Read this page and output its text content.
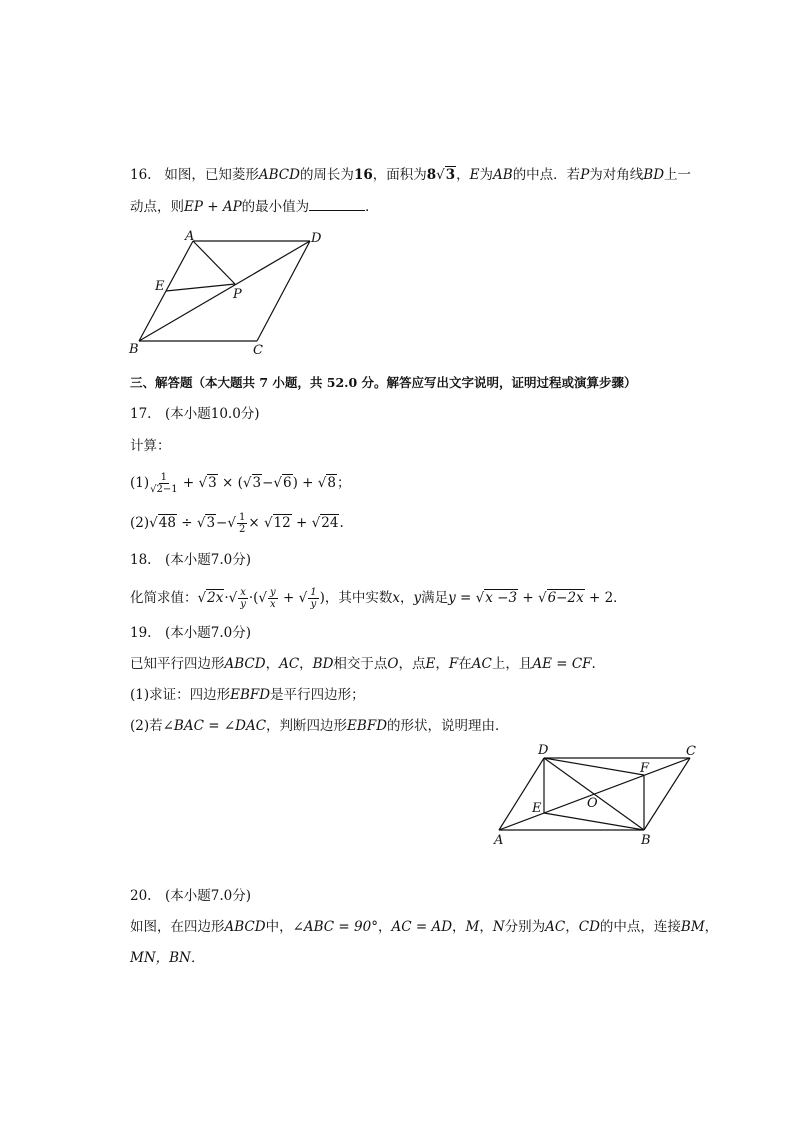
16. 如图，已知菱形ABCD的周长为16，面积为8√3，E为AB的中点．若P为对角线BD上一
动点，则EP + AP的最小值为	．
A	D
E
P
B	C
三、解答题（本大题共 7 小题，共 52.0 分。解答应写出文字说明，证明过程或演算步骤）
17.　(本小题10.0分)
计算：
$(1) \frac{1}{√2-1} + √3 \times (√3-√6) + √8$；
$(2)√48 \div √3-√ \frac{1}{2} \times √12 + √24$.
18.　(本小题7.0分)
化简求值：$√2x\cdot√ \frac{x}{y}$ ·(√ $\frac{y}{x}$ + √ $\frac{1}{y}$ )，其中实数x，y满足y = √x −3 + √6−2x + 2．
19.　(本小题7.0分)
已知平行四边形ABCD，AC，BD相交于点O，点E，F在AC上，且AE = CF.
(1)求证：四边形EBFD是平行四边形；
(2)若∠BAC = ∠DAC，判断四边形EBFD的形状，说明理由．
D	C
F
E	O
A	B
20.　(本小题7.0分)
如图，在四边形ABCD中，∠ABC = 90°，AC = AD，M，N分别为AC，CD的中点，连接BM，
MN，BN．
